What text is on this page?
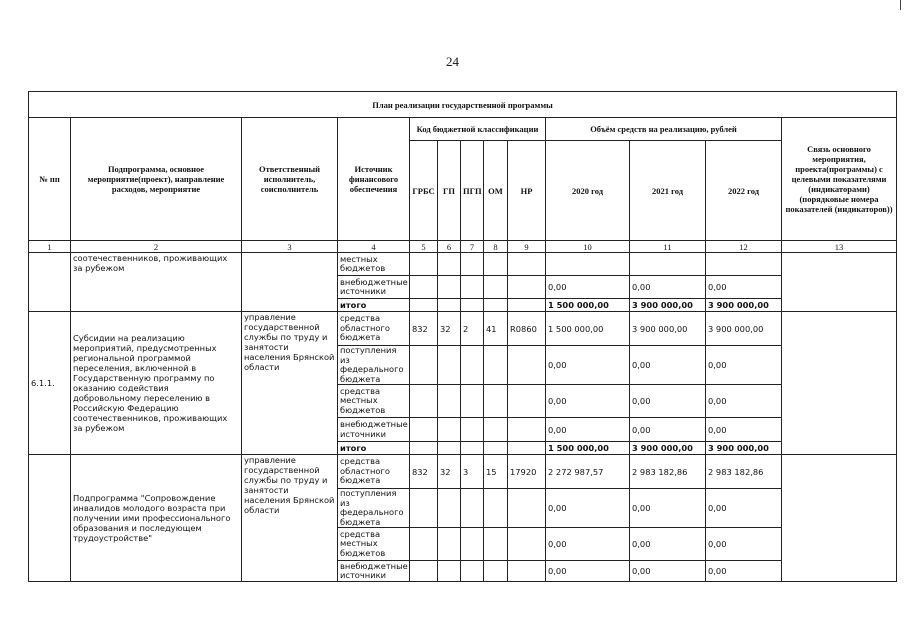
24
План реализации государственной программы												
№ пп	Подпрограмма, основное мероприятие(проект), направление расходов, мероприятие	Ответственный исполнитель, соисполнитель	Источник финансового обеспечения	Код бюджетной классификации					Объём средств на реализацию, рублей			Связь основного мероприятия, проекта(программы) с целевыми показателями (индикаторами) (порядковые номера показателей (индикаторов))
				ГРБС	ГП	ПГП	ОМ	НР	2020 год	2021 год	2022 год	
1	2	3	4	5	6	7	8	9	10	11	12	13
	соотечественников, проживающих за рубежом		местных бюджетов									
			внебюджетные источники						0,00	0,00	0,00	
			итого						1 500 000,00	3 900 000,00	3 900 000,00	
6.1.1.	Субсидии на реализацию мероприятий, предусмотренных региональной программой переселения, включенной в Государственную программу по оказанию содействия добровольному переселению в Российскую Федерацию соотечественников, проживающих за рубежом	управление государственной службы по труду и занятости населения Брянской области	средства областного бюджета	832	32	2	41	R0860	1 500 000,00	3 900 000,00	3 900 000,00	
			поступления из федерального бюджета						0,00	0,00	0,00	
			средства местных бюджетов						0,00	0,00	0,00	
			внебюджетные источники						0,00	0,00	0,00	
			итого						1 500 000,00	3 900 000,00	3 900 000,00	
	Подпрограмма "Сопровождение инвалидов молодого возраста при получении ими профессионального образования и последующем трудоустройстве"	управление государственной службы по труду и занятости населения Брянской области	средства областного бюджета	832	32	3	15	17920	2 272 987,57	2 983 182,86	2 983 182,86	
			поступления из федерального бюджета						0,00	0,00	0,00	
			средства местных бюджетов						0,00	0,00	0,00	
			внебюджетные источники						0,00	0,00	0,00	
